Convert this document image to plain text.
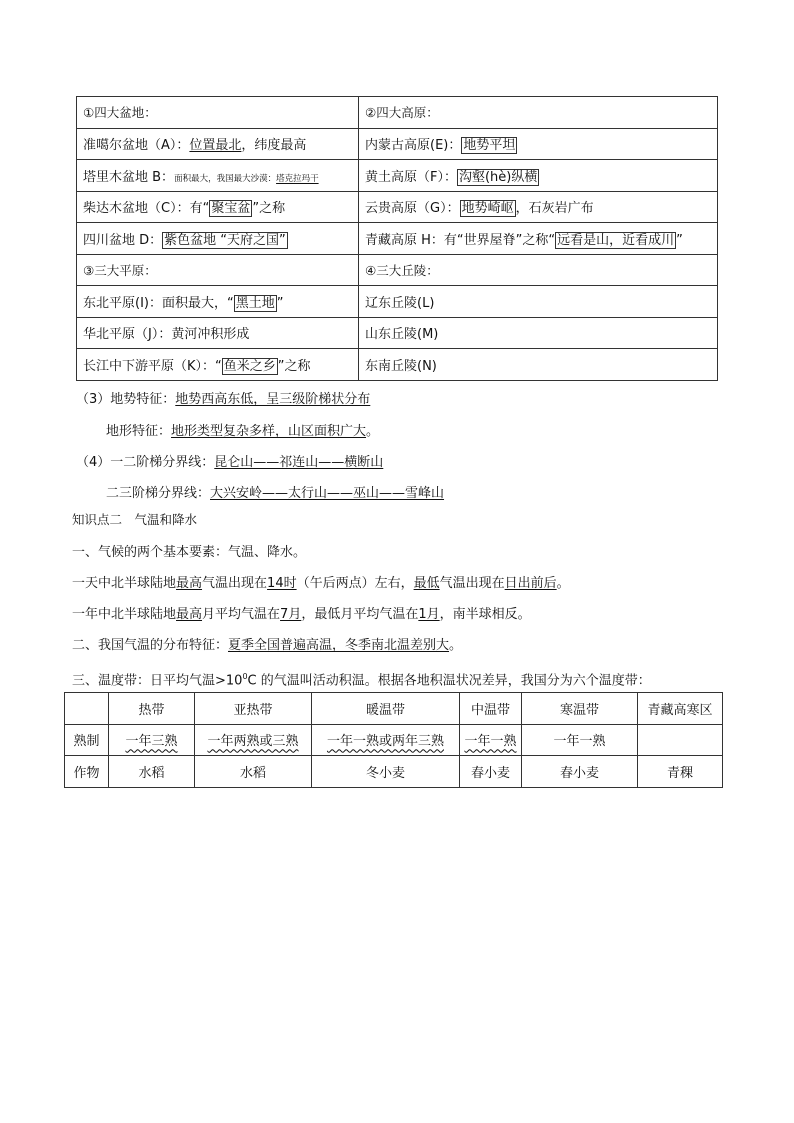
①四大盆地：	②四大高原：
准噶尔盆地（A）：位置最北，纬度最高	内蒙古高原(E)： 地势平坦
塔里木盆地 B：面积最大，我国最大沙漠：塔克拉玛干	黄土高原（F）： 沟壑(hè)纵横
柴达木盆地（C）：有“ 聚宝盆 ”之称	云贵高原（G）： 地势崎岖 ，石灰岩广布
四川盆地 D： 紫色盆地 “天府之国”	青藏高原 H：有“世界屋脊”之称“ 远看是山，近看成川 ”
③三大平原：	④三大丘陵：
东北平原(I)：面积最大，“ 黑土地 ”	辽东丘陵(L)
华北平原（J）：黄河冲积形成	山东丘陵(M)
长江中下游平原（K）：“ 鱼米之乡 ”之称	东南丘陵(N)
（3）地势特征：地势西高东低，呈三级阶梯状分布
地形特征：地形类型复杂多样，山区面积广大。
（4）一二阶梯分界线：昆仑山——祁连山——横断山
二三阶梯分界线：大兴安岭——太行山——巫山——雪峰山
知识点二　气温和降水
一、气候的两个基本要素：气温、降水。
一天中北半球陆地最高气温出现在14时（午后两点）左右，最低气温出现在日出前后。
一年中北半球陆地最高月平均气温在7月，最低月平均气温在1月，南半球相反。
二、我国气温的分布特征：夏季全国普遍高温，冬季南北温差别大。
三、温度带：日平均气温$>10^0C$ 的气温叫活动积温。根据各地积温状况差异，我国分为六个温度带：
	热带	亚热带	暖温带	中温带	寒温带	青藏高寒区
熟制	一年三熟	一年两熟或三熟	一年一熟或两年三熟	一年一熟	一年一熟	
作物	水稻	水稻	冬小麦	春小麦	春小麦	青稞
